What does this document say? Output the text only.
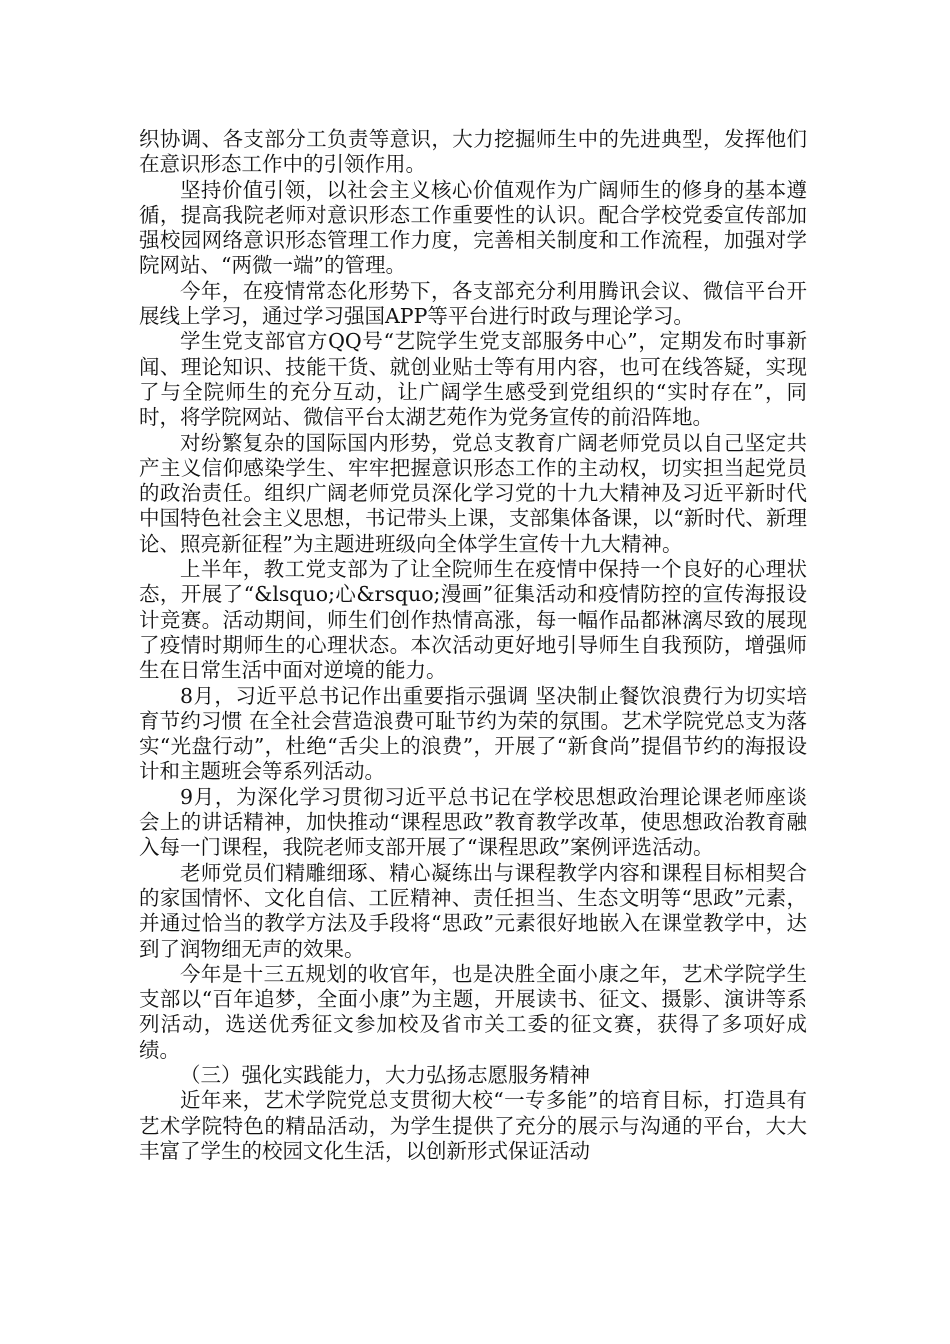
织协调、各支部分工负责等意识，大力挖掘师生中的先进典型，发挥他们在意识形态工作中的引领作用。

坚持价值引领，以社会主义核心价值观作为广阔师生的修身的基本遵循，提高我院老师对意识形态工作重要性的认识。配合学校党委宣传部加强校园网络意识形态管理工作力度，完善相关制度和工作流程，加强对学院网站、“两微一端”的管理。

今年，在疫情常态化形势下，各支部充分利用腾讯会议、微信平台开展线上学习，通过学习强国APP等平台进行时政与理论学习。

学生党支部官方QQ号“艺院学生党支部服务中心”，定期发布时事新闻、理论知识、技能干货、就创业贴士等有用内容，也可在线答疑，实现了与全院师生的充分互动，让广阔学生感受到党组织的“实时存在”，同时，将学院网站、微信平台太湖艺苑作为党务宣传的前沿阵地。

对纷繁复杂的国际国内形势，党总支教育广阔老师党员以自己坚定共产主义信仰感染学生、牢牢把握意识形态工作的主动权，切实担当起党员的政治责任。组织广阔老师党员深化学习党的十九大精神及习近平新时代中国特色社会主义思想，书记带头上课，支部集体备课，以“新时代、新理论、照亮新征程”为主题进班级向全体学生宣传十九大精神。

上半年，教工党支部为了让全院师生在疫情中保持一个良好的心理状态，开展了“&lsquo;心&rsquo;漫画”征集活动和疫情防控的宣传海报设计竞赛。活动期间，师生们创作热情高涨，每一幅作品都淋漓尽致的展现了疫情时期师生的心理状态。本次活动更好地引导师生自我预防，增强师生在日常生活中面对逆境的能力。

8月，习近平总书记作出重要指示强调 坚决制止餐饮浪费行为切实培育节约习惯 在全社会营造浪费可耻节约为荣的氛围。艺术学院党总支为落实“光盘行动”，杜绝“舌尖上的浪费”，开展了“新食尚”提倡节约的海报设计和主题班会等系列活动。

9月，为深化学习贯彻习近平总书记在学校思想政治理论课老师座谈会上的讲话精神，加快推动“课程思政”教育教学改革，使思想政治教育融入每一门课程，我院老师支部开展了“课程思政”案例评选活动。

老师党员们精雕细琢、精心凝练出与课程教学内容和课程目标相契合的家国情怀、文化自信、工匠精神、责任担当、生态文明等“思政”元素，并通过恰当的教学方法及手段将“思政”元素很好地嵌入在课堂教学中，达到了润物细无声的效果。

今年是十三五规划的收官年，也是决胜全面小康之年，艺术学院学生支部以“百年追梦，全面小康”为主题，开展读书、征文、摄影、演讲等系列活动，选送优秀征文参加校及省市关工委的征文赛，获得了多项好成绩。

（三）强化实践能力，大力弘扬志愿服务精神

近年来，艺术学院党总支贯彻大校“一专多能”的培育目标，打造具有艺术学院特色的精品活动，为学生提供了充分的展示与沟通的平台，大大丰富了学生的校园文化生活，以创新形式保证活动
